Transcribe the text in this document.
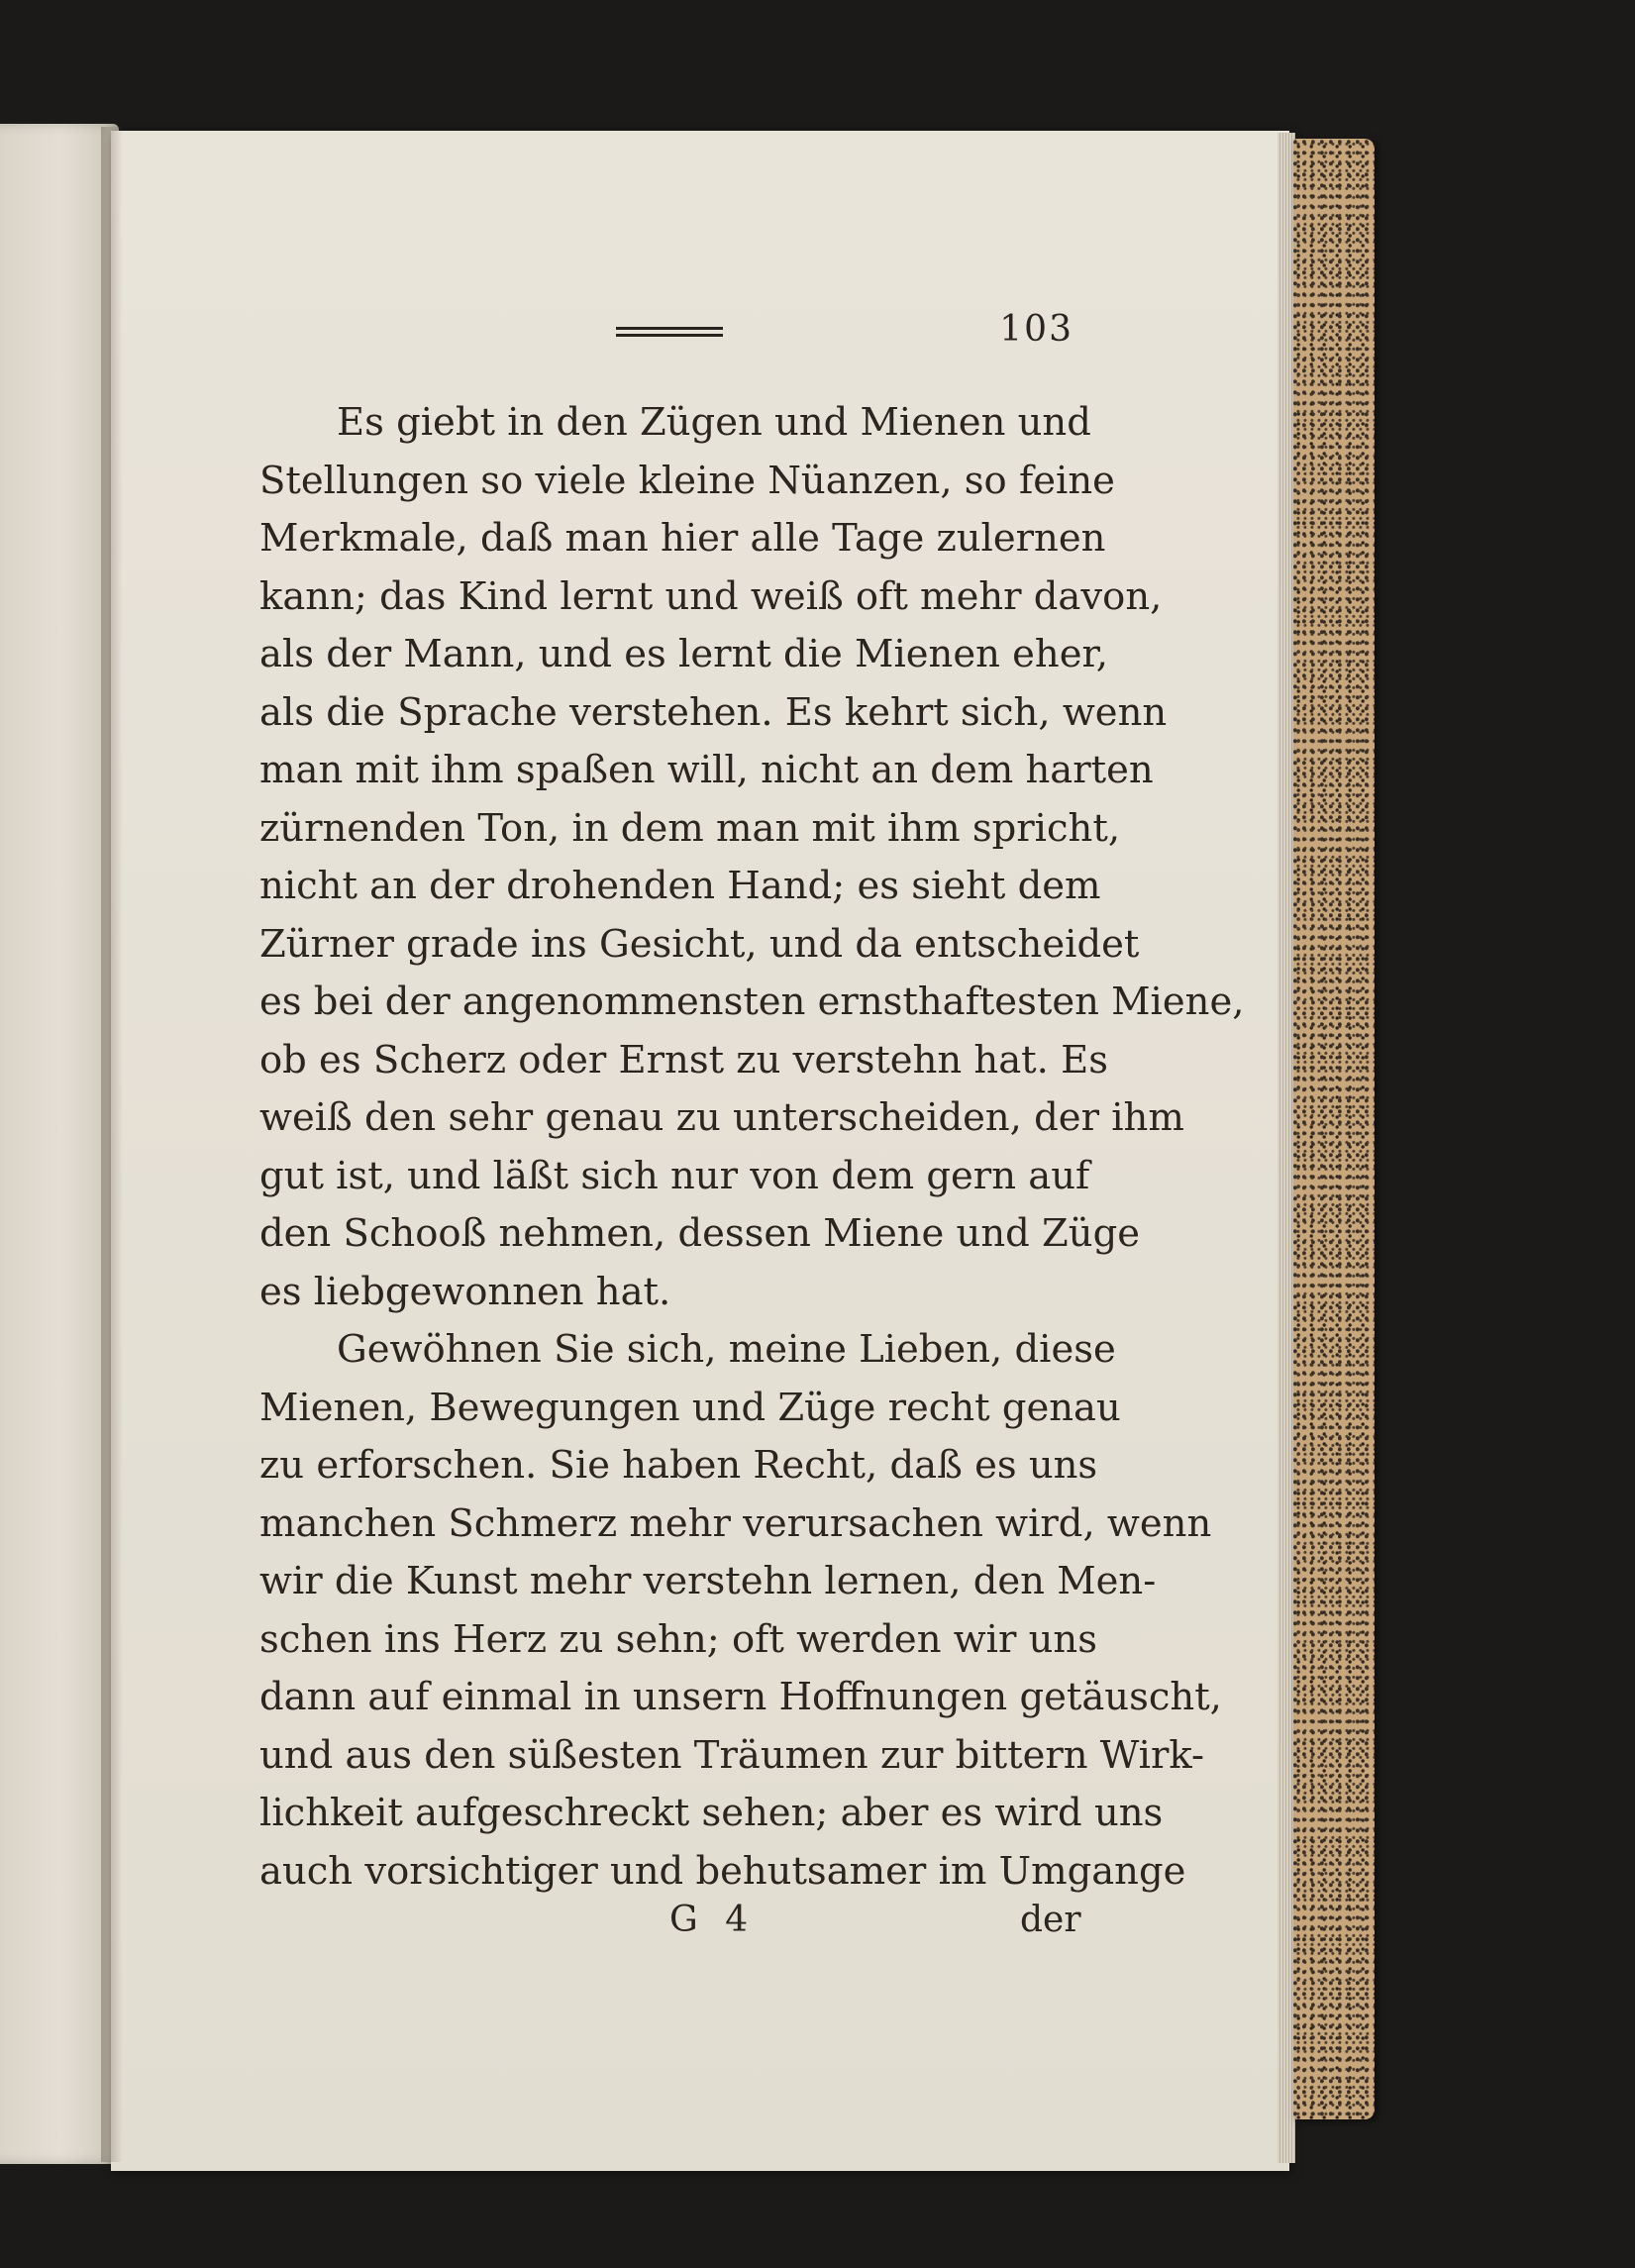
103
Es giebt in den Zügen und Mienen und
Stellungen so viele kleine Nüanzen, so feine
Merkmale, daß man hier alle Tage zulernen
kann; das Kind lernt und weiß oft mehr davon,
als der Mann, und es lernt die Mienen eher,
als die Sprache verstehen. Es kehrt sich, wenn
man mit ihm spaßen will, nicht an dem harten
zürnenden Ton, in dem man mit ihm spricht,
nicht an der drohenden Hand; es sieht dem
Zürner grade ins Gesicht, und da entscheidet
es bei der angenommensten ernsthaftesten Miene,
ob es Scherz oder Ernst zu verstehn hat. Es
weiß den sehr genau zu unterscheiden, der ihm
gut ist, und läßt sich nur von dem gern auf
den Schooß nehmen, dessen Miene und Züge
es liebgewonnen hat.
Gewöhnen Sie sich, meine Lieben, diese
Mienen, Bewegungen und Züge recht genau
zu erforschen. Sie haben Recht, daß es uns
manchen Schmerz mehr verursachen wird, wenn
wir die Kunst mehr verstehn lernen, den Men-
schen ins Herz zu sehn; oft werden wir uns
dann auf einmal in unsern Hoffnungen getäuscht,
und aus den süßesten Träumen zur bittern Wirk-
lichkeit aufgeschreckt sehen; aber es wird uns
auch vorsichtiger und behutsamer im Umgange
G 4	der
